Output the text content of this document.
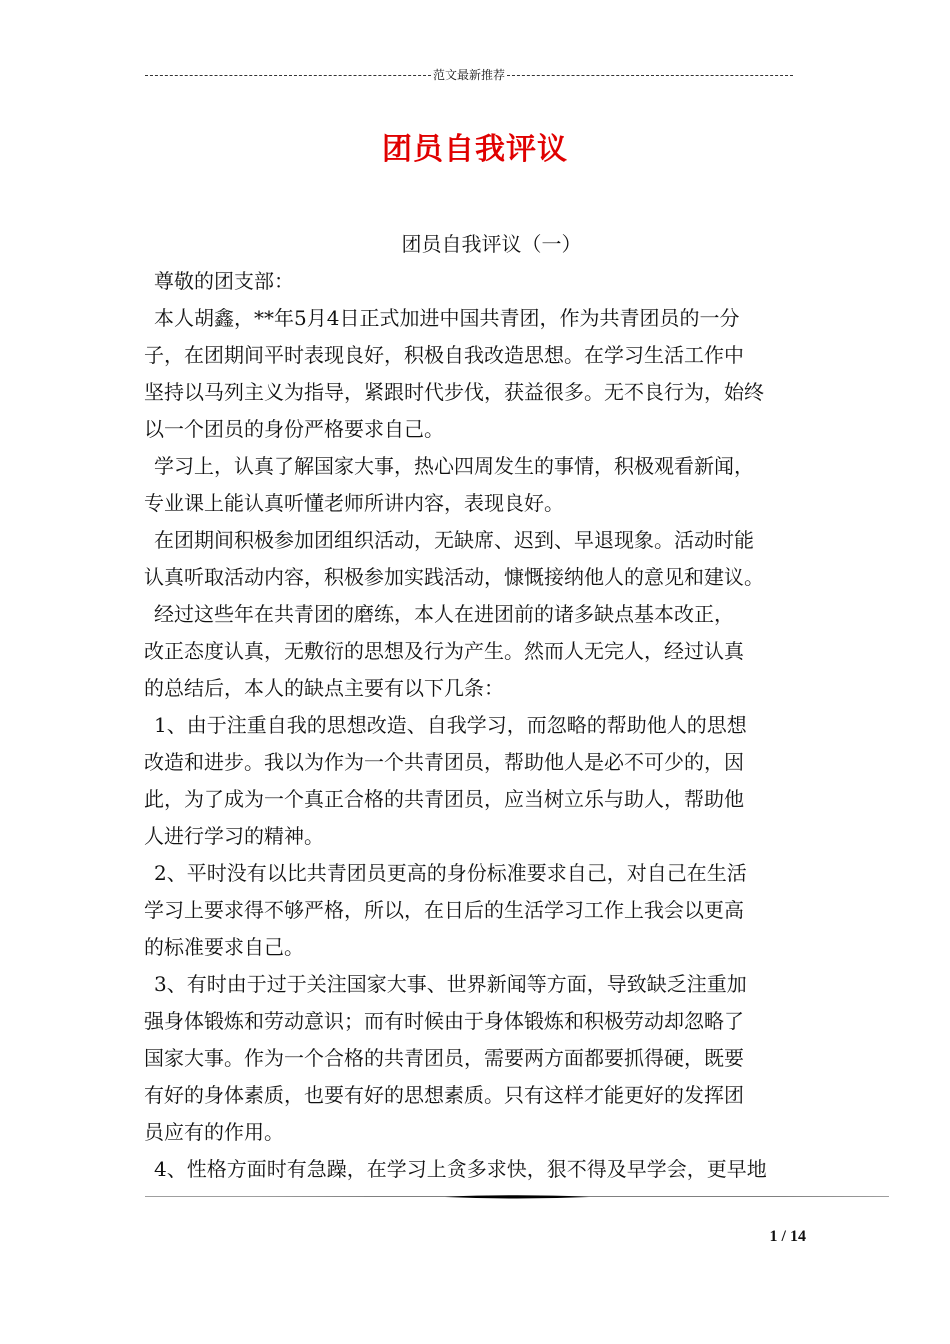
范文最新推荐
团员自我评议

团员自我评议（一）

尊敬的团支部：

本人胡鑫，**年5月4日正式加进中国共青团，作为共青团员的一分
子，在团期间平时表现良好，积极自我改造思想。在学习生活工作中
坚持以马列主义为指导，紧跟时代步伐，获益很多。无不良行为，始终
以一个团员的身份严格要求自己。
学习上，认真了解国家大事，热心四周发生的事情，积极观看新闻，
专业课上能认真听懂老师所讲内容，表现良好。
在团期间积极参加团组织活动，无缺席、迟到、早退现象。活动时能
认真听取活动内容，积极参加实践活动，慷慨接纳他人的意见和建议。
经过这些年在共青团的磨练，本人在进团前的诸多缺点基本改正，
改正态度认真，无敷衍的思想及行为产生。然而人无完人，经过认真
的总结后，本人的缺点主要有以下几条：
1、由于注重自我的思想改造、自我学习，而忽略的帮助他人的思想
改造和进步。我以为作为一个共青团员，帮助他人是必不可少的，因
此，为了成为一个真正合格的共青团员，应当树立乐与助人，帮助他
人进行学习的精神。
2、平时没有以比共青团员更高的身份标准要求自己，对自己在生活
学习上要求得不够严格，所以，在日后的生活学习工作上我会以更高
的标准要求自己。
3、有时由于过于关注国家大事、世界新闻等方面，导致缺乏注重加
强身体锻炼和劳动意识；而有时候由于身体锻炼和积极劳动却忽略了
国家大事。作为一个合格的共青团员，需要两方面都要抓得硬，既要
有好的身体素质，也要有好的思想素质。只有这样才能更好的发挥团
员应有的作用。
4、性格方面时有急躁，在学习上贪多求快，狠不得及早学会，更早地
1 / 14
